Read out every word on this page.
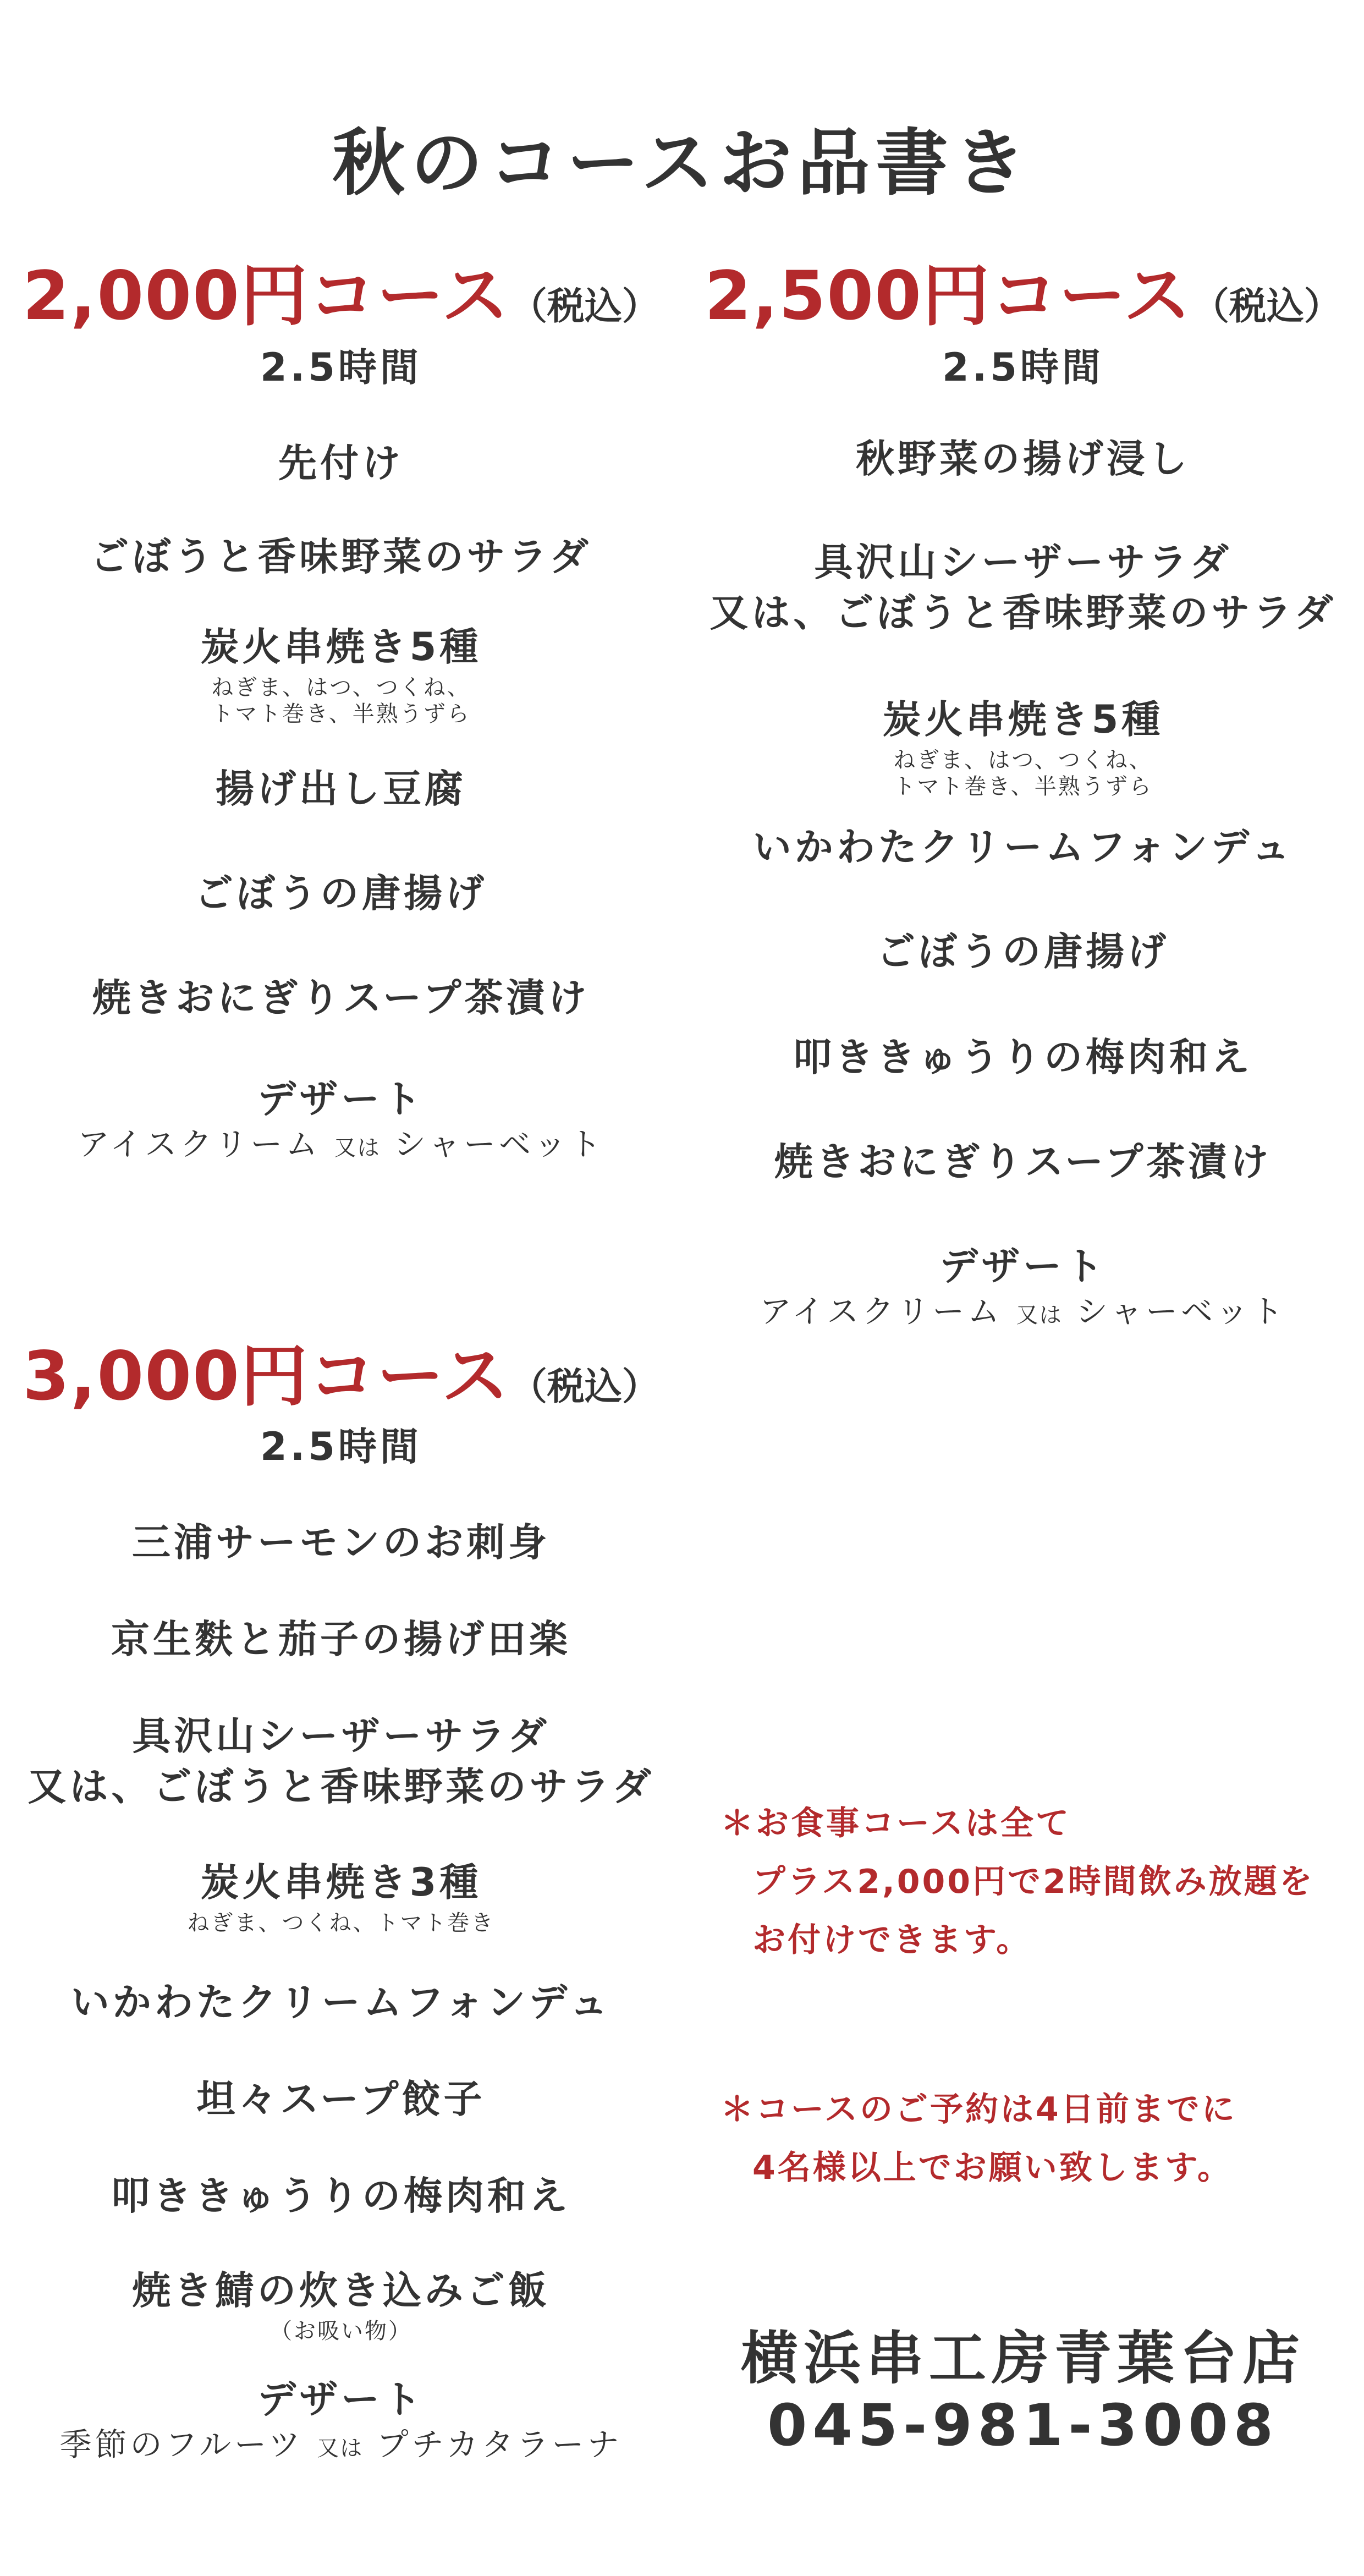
秋のコースお品書き
2,000円コース（税込）
2.5時間
先付け
ごぼうと香味野菜のサラダ
炭火串焼き5種
ねぎま、はつ、つくね、
トマト巻き、半熟うずら
揚げ出し豆腐
ごぼうの唐揚げ
焼きおにぎりスープ茶漬け
デザート
アイスクリーム 又は シャーベット
2,500円コース（税込）
2.5時間
秋野菜の揚げ浸し
具沢山シーザーサラダ
又は、ごぼうと香味野菜のサラダ
炭火串焼き5種
ねぎま、はつ、つくね、
トマト巻き、半熟うずら
いかわたクリームフォンデュ
ごぼうの唐揚げ
叩ききゅうりの梅肉和え
焼きおにぎりスープ茶漬け
デザート
アイスクリーム 又は シャーベット
3,000円コース（税込）
2.5時間
三浦サーモンのお刺身
京生麩と茄子の揚げ田楽
具沢山シーザーサラダ
又は、ごぼうと香味野菜のサラダ
炭火串焼き3種
ねぎま、つくね、トマト巻き
いかわたクリームフォンデュ
坦々スープ餃子
叩ききゅうりの梅肉和え
焼き鯖の炊き込みご飯
（お吸い物）
デザート
季節のフルーツ 又は プチカタラーナ
＊お食事コースは全て
プラス2,000円で2時間飲み放題を
お付けできます。
＊コースのご予約は4日前までに
4名様以上でお願い致します。
横浜串工房青葉台店
045-981-3008
